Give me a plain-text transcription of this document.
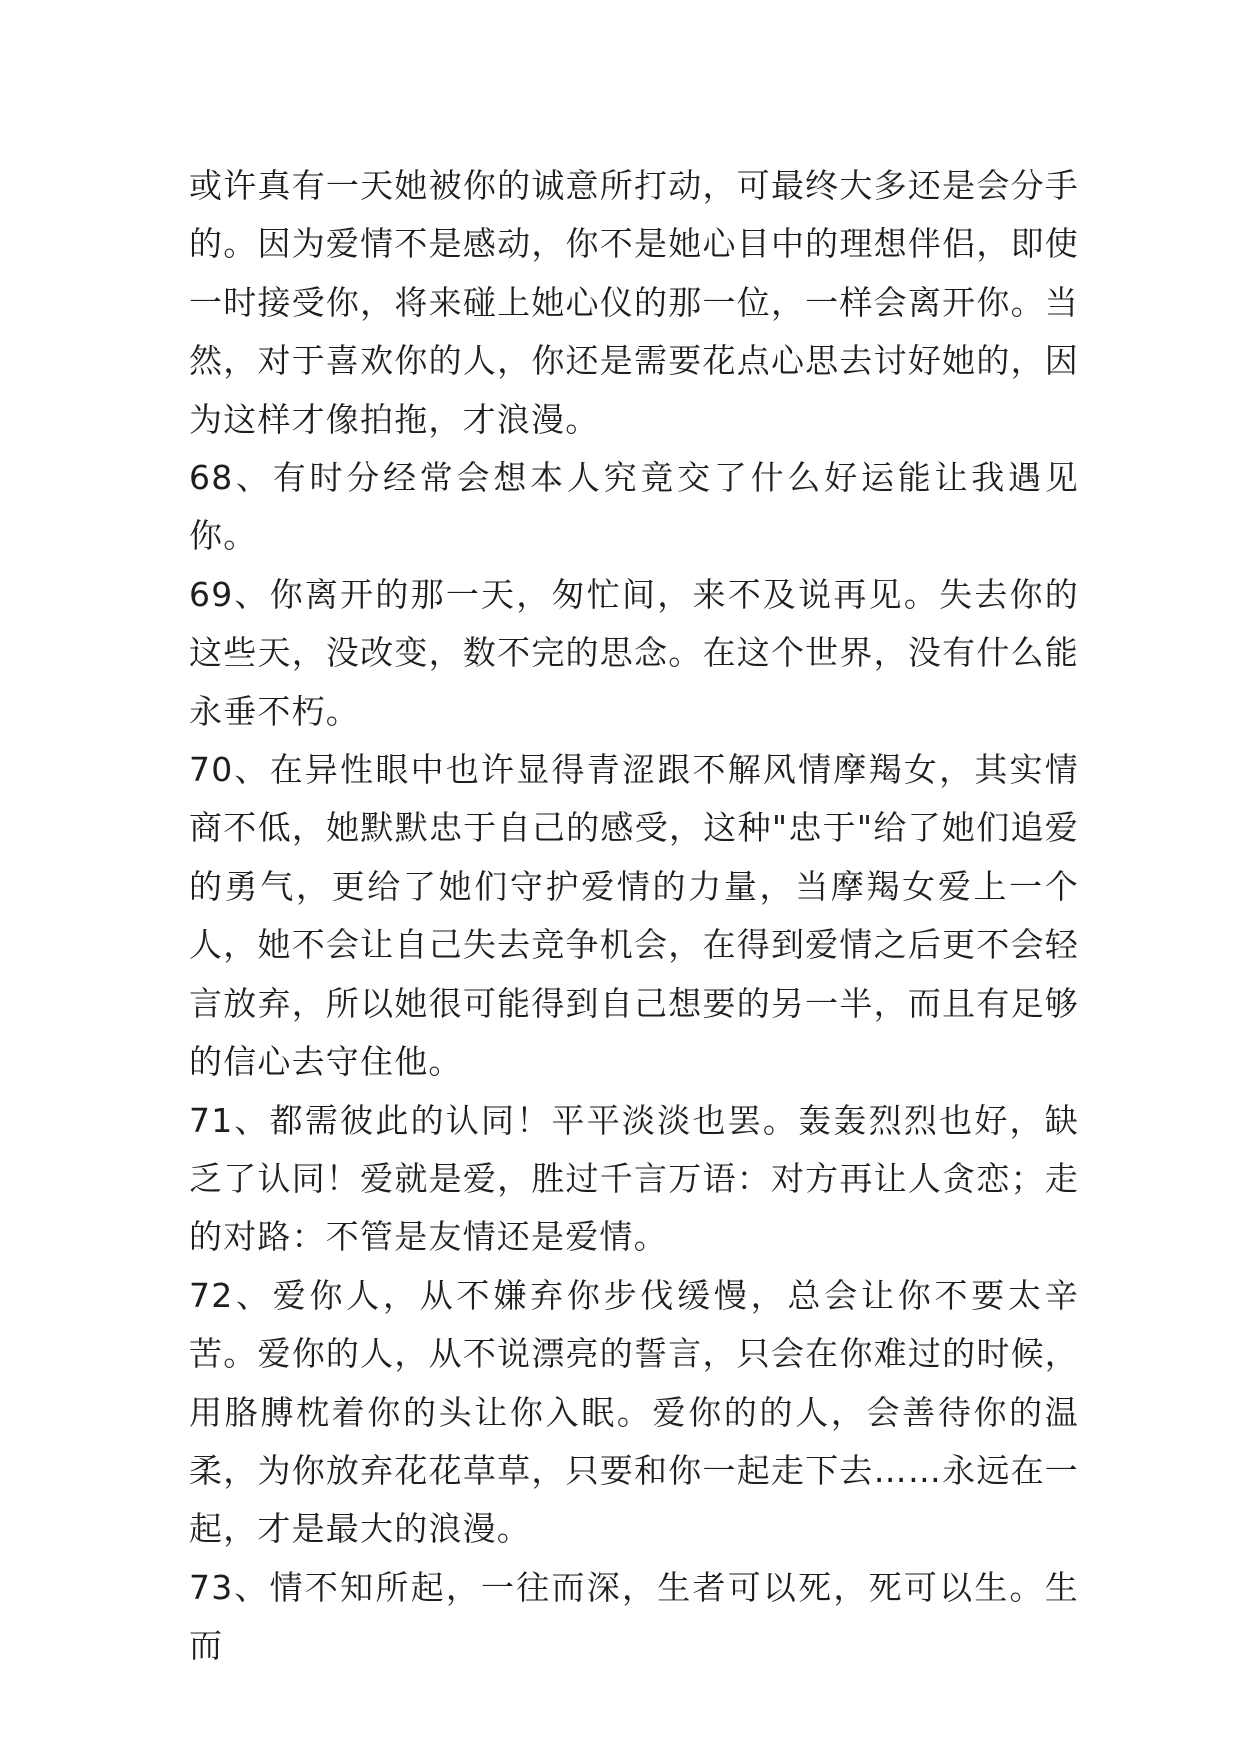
或许真有一天她被你的诚意所打动，可最终大多还是会分手的。因为爱情不是感动，你不是她心目中的理想伴侣，即使一时接受你，将来碰上她心仪的那一位，一样会离开你。当然，对于喜欢你的人，你还是需要花点心思去讨好她的，因为这样才像拍拖，才浪漫。

68、有时分经常会想本人究竟交了什么好运能让我遇见你。

69、你离开的那一天，匆忙间，来不及说再见。失去你的这些天，没改变，数不完的思念。在这个世界，没有什么能永垂不朽。

70、在异性眼中也许显得青涩跟不解风情摩羯女，其实情商不低，她默默忠于自己的感受，这种"忠于"给了她们追爱的勇气，更给了她们守护爱情的力量，当摩羯女爱上一个人，她不会让自己失去竞争机会，在得到爱情之后更不会轻言放弃，所以她很可能得到自己想要的另一半，而且有足够的信心去守住他。

71、都需彼此的认同！平平淡淡也罢。轰轰烈烈也好，缺乏了认同！爱就是爱，胜过千言万语：对方再让人贪恋；走的对路：不管是友情还是爱情。

72、爱你人，从不嫌弃你步伐缓慢，总会让你不要太辛苦。爱你的人，从不说漂亮的誓言，只会在你难过的时候，用胳膊枕着你的头让你入眠。爱你的的人，会善待你的温柔，为你放弃花花草草，只要和你一起走下去……永远在一起，才是最大的浪漫。

73、情不知所起，一往而深，生者可以死，死可以生。生而
